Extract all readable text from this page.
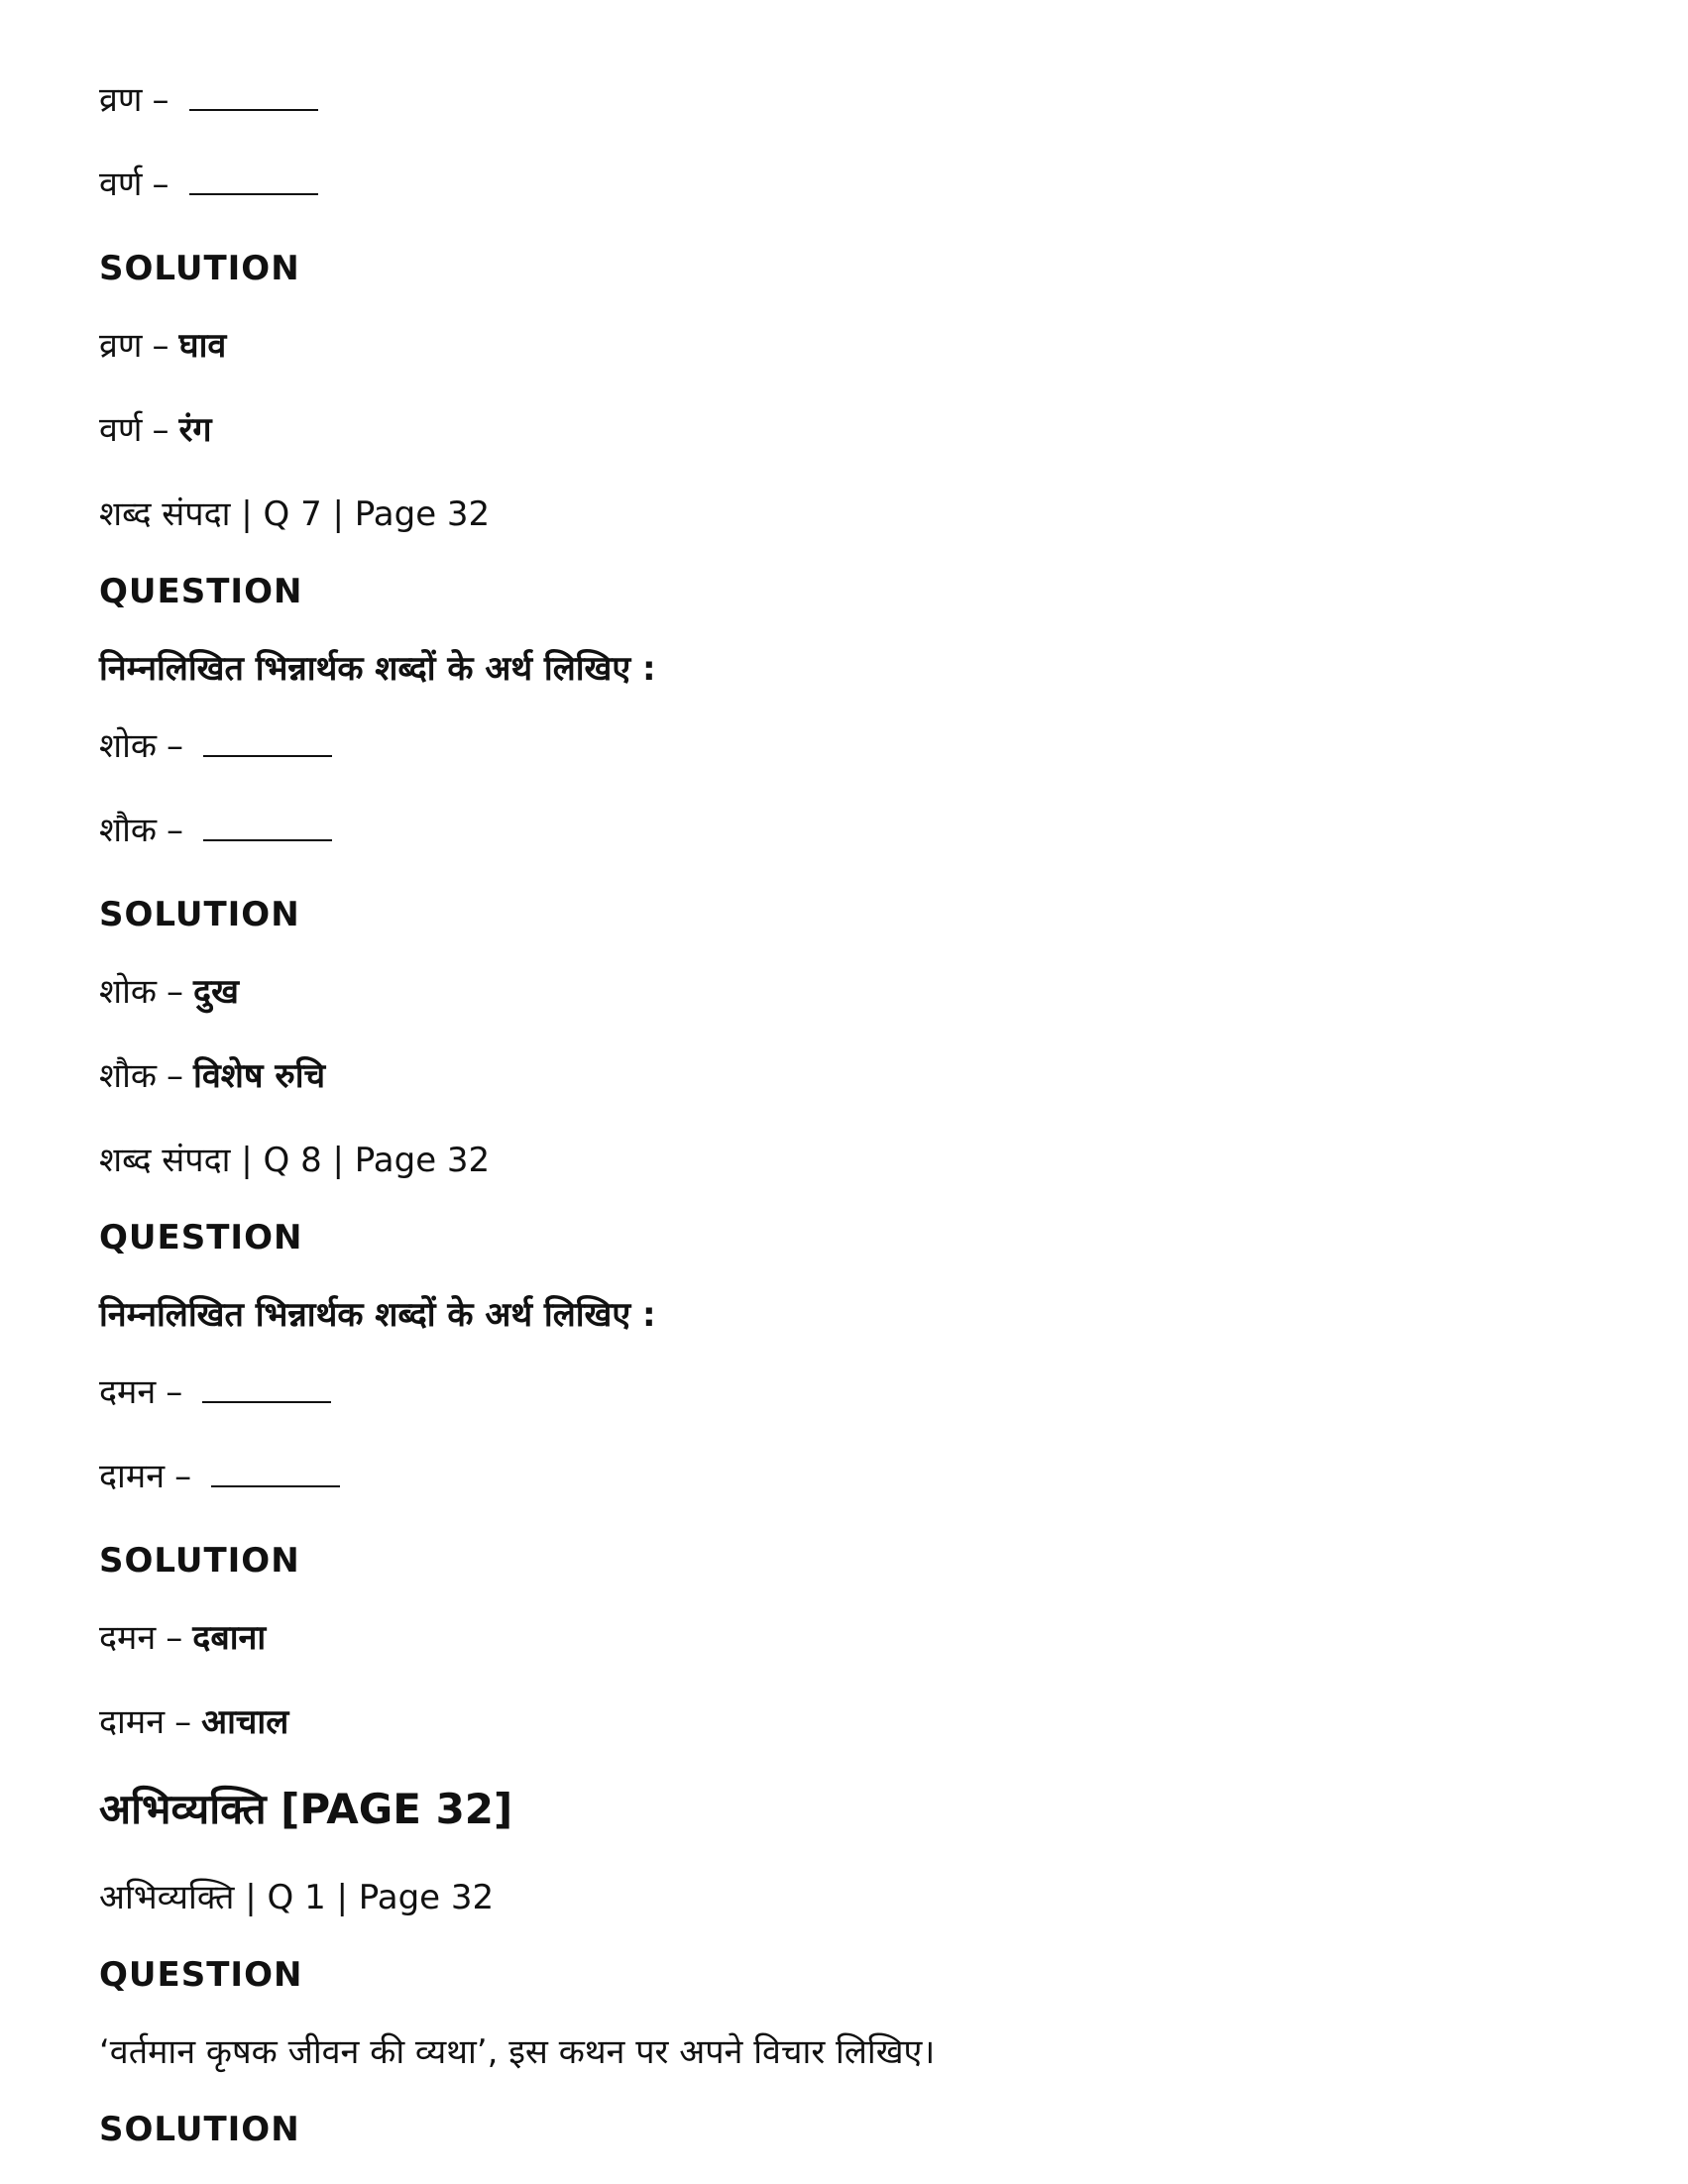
व्रण –
वर्ण –
SOLUTION
व्रण – घाव
वर्ण – रंग
शब्द संपदा | Q 7 | Page 32
QUESTION
निम्नलिखित भिन्नार्थक शब्दों के अर्थ लिखिए :
शोक –
शौक –
SOLUTION
शोक – दुख
शौक – विशेष रुचि
शब्द संपदा | Q 8 | Page 32
QUESTION
निम्नलिखित भिन्नार्थक शब्दों के अर्थ लिखिए :
दमन –
दामन –
SOLUTION
दमन – दबाना
दामन – आचाल
अभिव्यक्ति [PAGE 32]
अभिव्यक्ति | Q 1 | Page 32
QUESTION
‘वर्तमान कृषक जीवन की व्यथा’, इस कथन पर अपने विचार लिखिए।
SOLUTION
